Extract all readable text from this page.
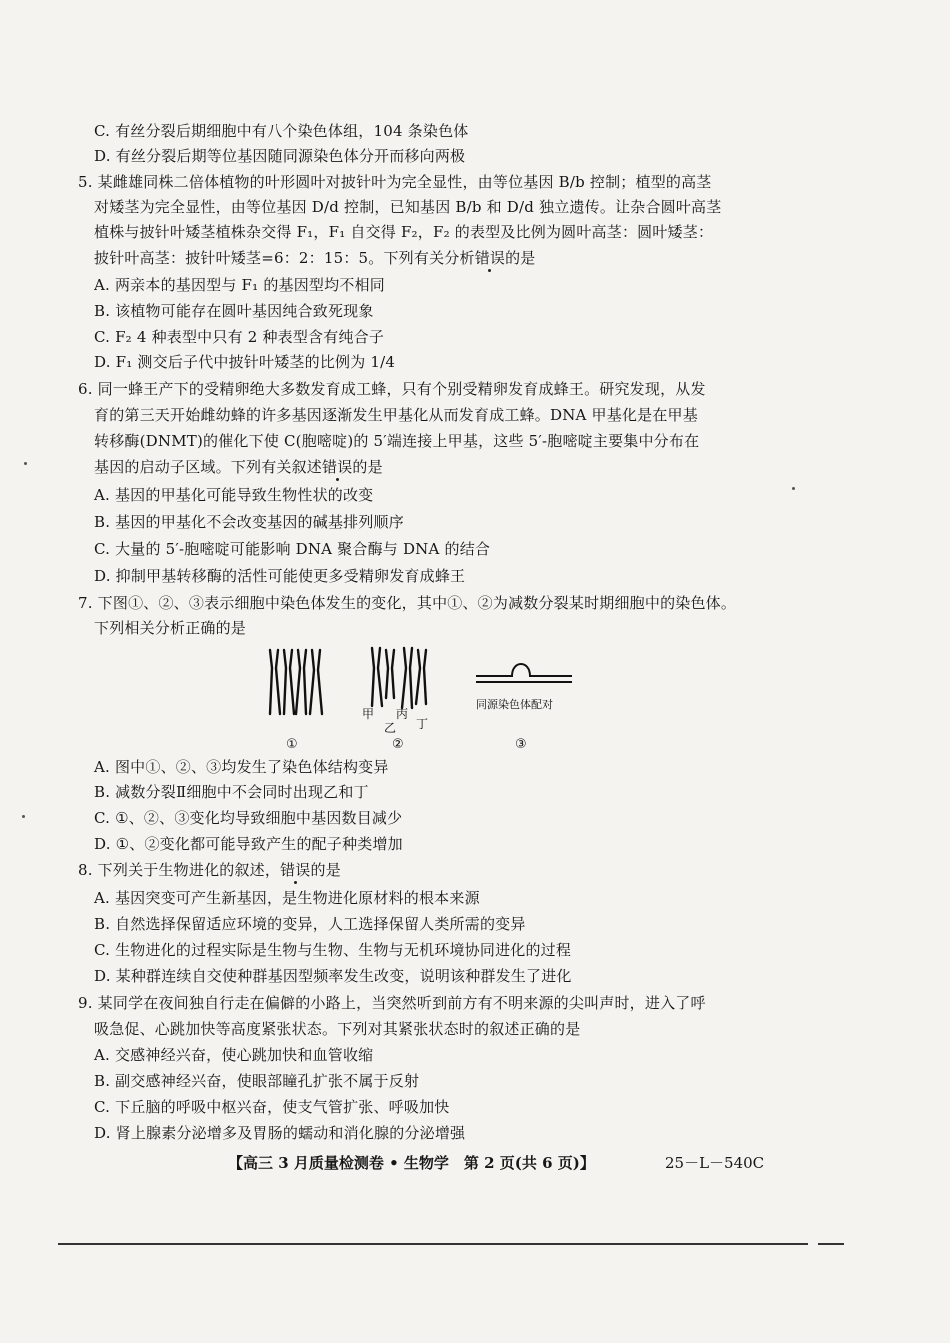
C. 有丝分裂后期细胞中有八个染色体组，104 条染色体
D. 有丝分裂后期等位基因随同源染色体分开而移向两极
5. 某雌雄同株二倍体植物的叶形圆叶对披针叶为完全显性，由等位基因 B/b 控制；植型的高茎
对矮茎为完全显性，由等位基因 D/d 控制，已知基因 B/b 和 D/d 独立遗传。让杂合圆叶高茎
植株与披针叶矮茎植株杂交得 F₁，F₁ 自交得 F₂，F₂ 的表型及比例为圆叶高茎：圆叶矮茎：
披针叶高茎：披针叶矮茎=6：2：15：5。下列有关分析错误的是
A. 两亲本的基因型与 F₁ 的基因型均不相同
B. 该植物可能存在圆叶基因纯合致死现象
C. F₂ 4 种表型中只有 2 种表型含有纯合子
D. F₁ 测交后子代中披针叶矮茎的比例为 1/4
6. 同一蜂王产下的受精卵绝大多数发育成工蜂，只有个别受精卵发育成蜂王。研究发现，从发
育的第三天开始雌幼蜂的许多基因逐渐发生甲基化从而发育成工蜂。DNA 甲基化是在甲基
转移酶(DNMT)的催化下使 C(胞嘧啶)的 5′端连接上甲基，这些 5′-胞嘧啶主要集中分布在
基因的启动子区域。下列有关叙述错误的是
A. 基因的甲基化可能导致生物性状的改变
B. 基因的甲基化不会改变基因的碱基排列顺序
C. 大量的 5′-胞嘧啶可能影响 DNA 聚合酶与 DNA 的结合
D. 抑制甲基转移酶的活性可能使更多受精卵发育成蜂王
7. 下图①、②、③表示细胞中染色体发生的变化，其中①、②为减数分裂某时期细胞中的染色体。
下列相关分析正确的是
甲
乙
丙
丁
同源染色体配对
①	②	③
A. 图中①、②、③均发生了染色体结构变异
B. 减数分裂Ⅱ细胞中不会同时出现乙和丁
C. ①、②、③变化均导致细胞中基因数目减少
D. ①、②变化都可能导致产生的配子种类增加
8. 下列关于生物进化的叙述，错误的是
A. 基因突变可产生新基因，是生物进化原材料的根本来源
B. 自然选择保留适应环境的变异，人工选择保留人类所需的变异
C. 生物进化的过程实际是生物与生物、生物与无机环境协同进化的过程
D. 某种群连续自交使种群基因型频率发生改变，说明该种群发生了进化
9. 某同学在夜间独自行走在偏僻的小路上，当突然听到前方有不明来源的尖叫声时，进入了呼
吸急促、心跳加快等高度紧张状态。下列对其紧张状态时的叙述正确的是
A. 交感神经兴奋，使心跳加快和血管收缩
B. 副交感神经兴奋，使眼部瞳孔扩张不属于反射
C. 下丘脑的呼吸中枢兴奋，使支气管扩张、呼吸加快
D. 肾上腺素分泌增多及胃肠的蠕动和消化腺的分泌增强
【高三 3 月质量检测卷 • 生物学　第 2 页(共 6 页)】	25－L－540C
